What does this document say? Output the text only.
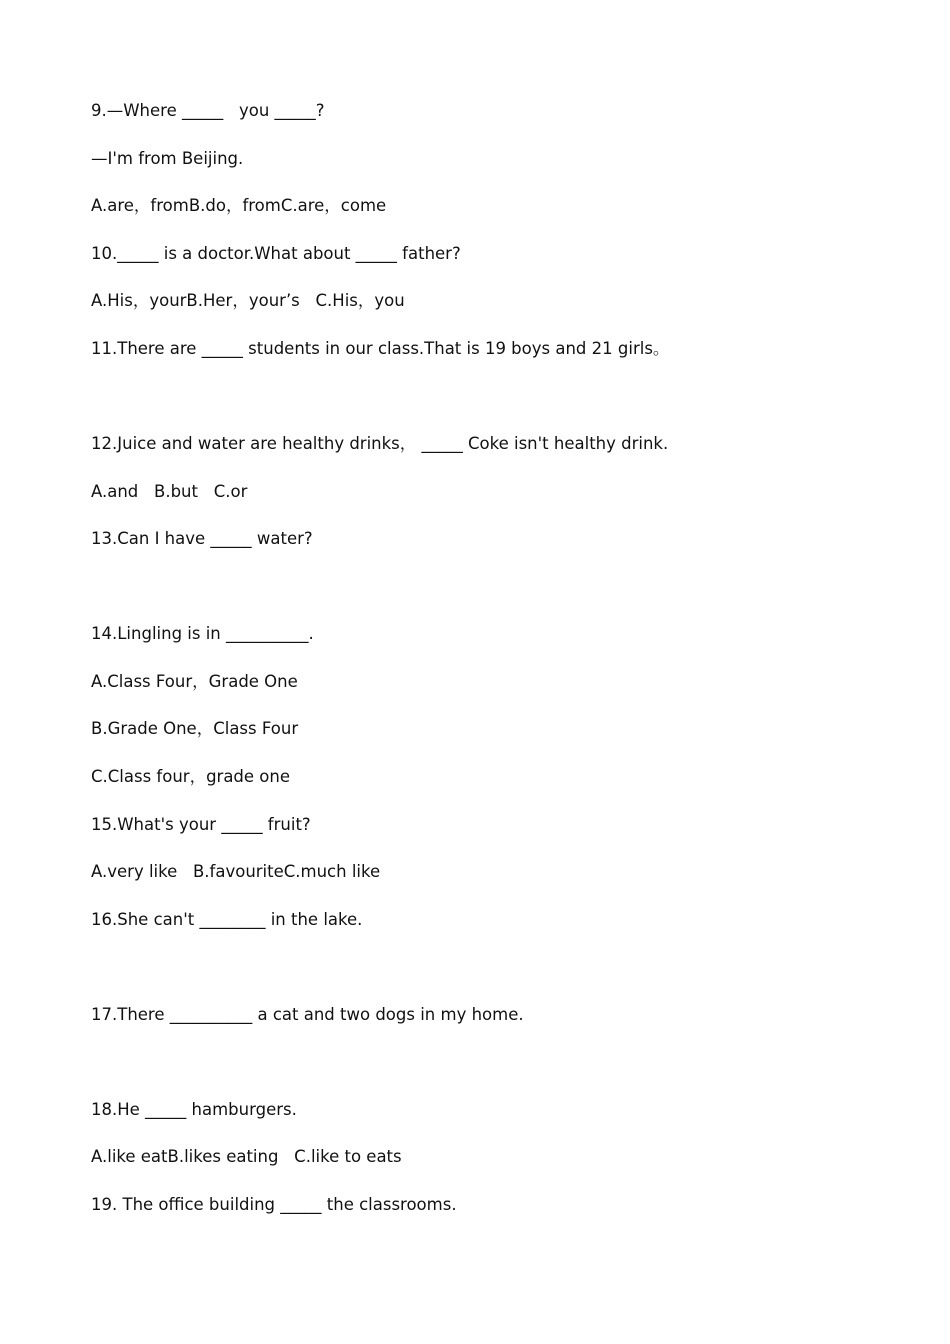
9.—Where _____   you _____?
—I'm from Beijing.
A.are，fromB.do，fromC.are，come
10._____ is a doctor.What about _____ father?
A.His，yourB.Her，your’s   C.His，you
11.There are _____ students in our class.That is 19 boys and 21 girls。
12.Juice and water are healthy drinks， _____ Coke isn't healthy drink.
A.and   B.but   C.or
13.Can I have _____ water?
14.Lingling is in __________.
A.Class Four，Grade One
B.Grade One，Class Four
C.Class four，grade one
15.What's your _____ fruit?
A.very like   B.favouriteC.much like
16.She can't ________ in the lake.
17.There __________ a cat and two dogs in my home.
18.He _____ hamburgers.
A.like eatB.likes eating   C.like to eats
19. The office building _____ the classrooms.
